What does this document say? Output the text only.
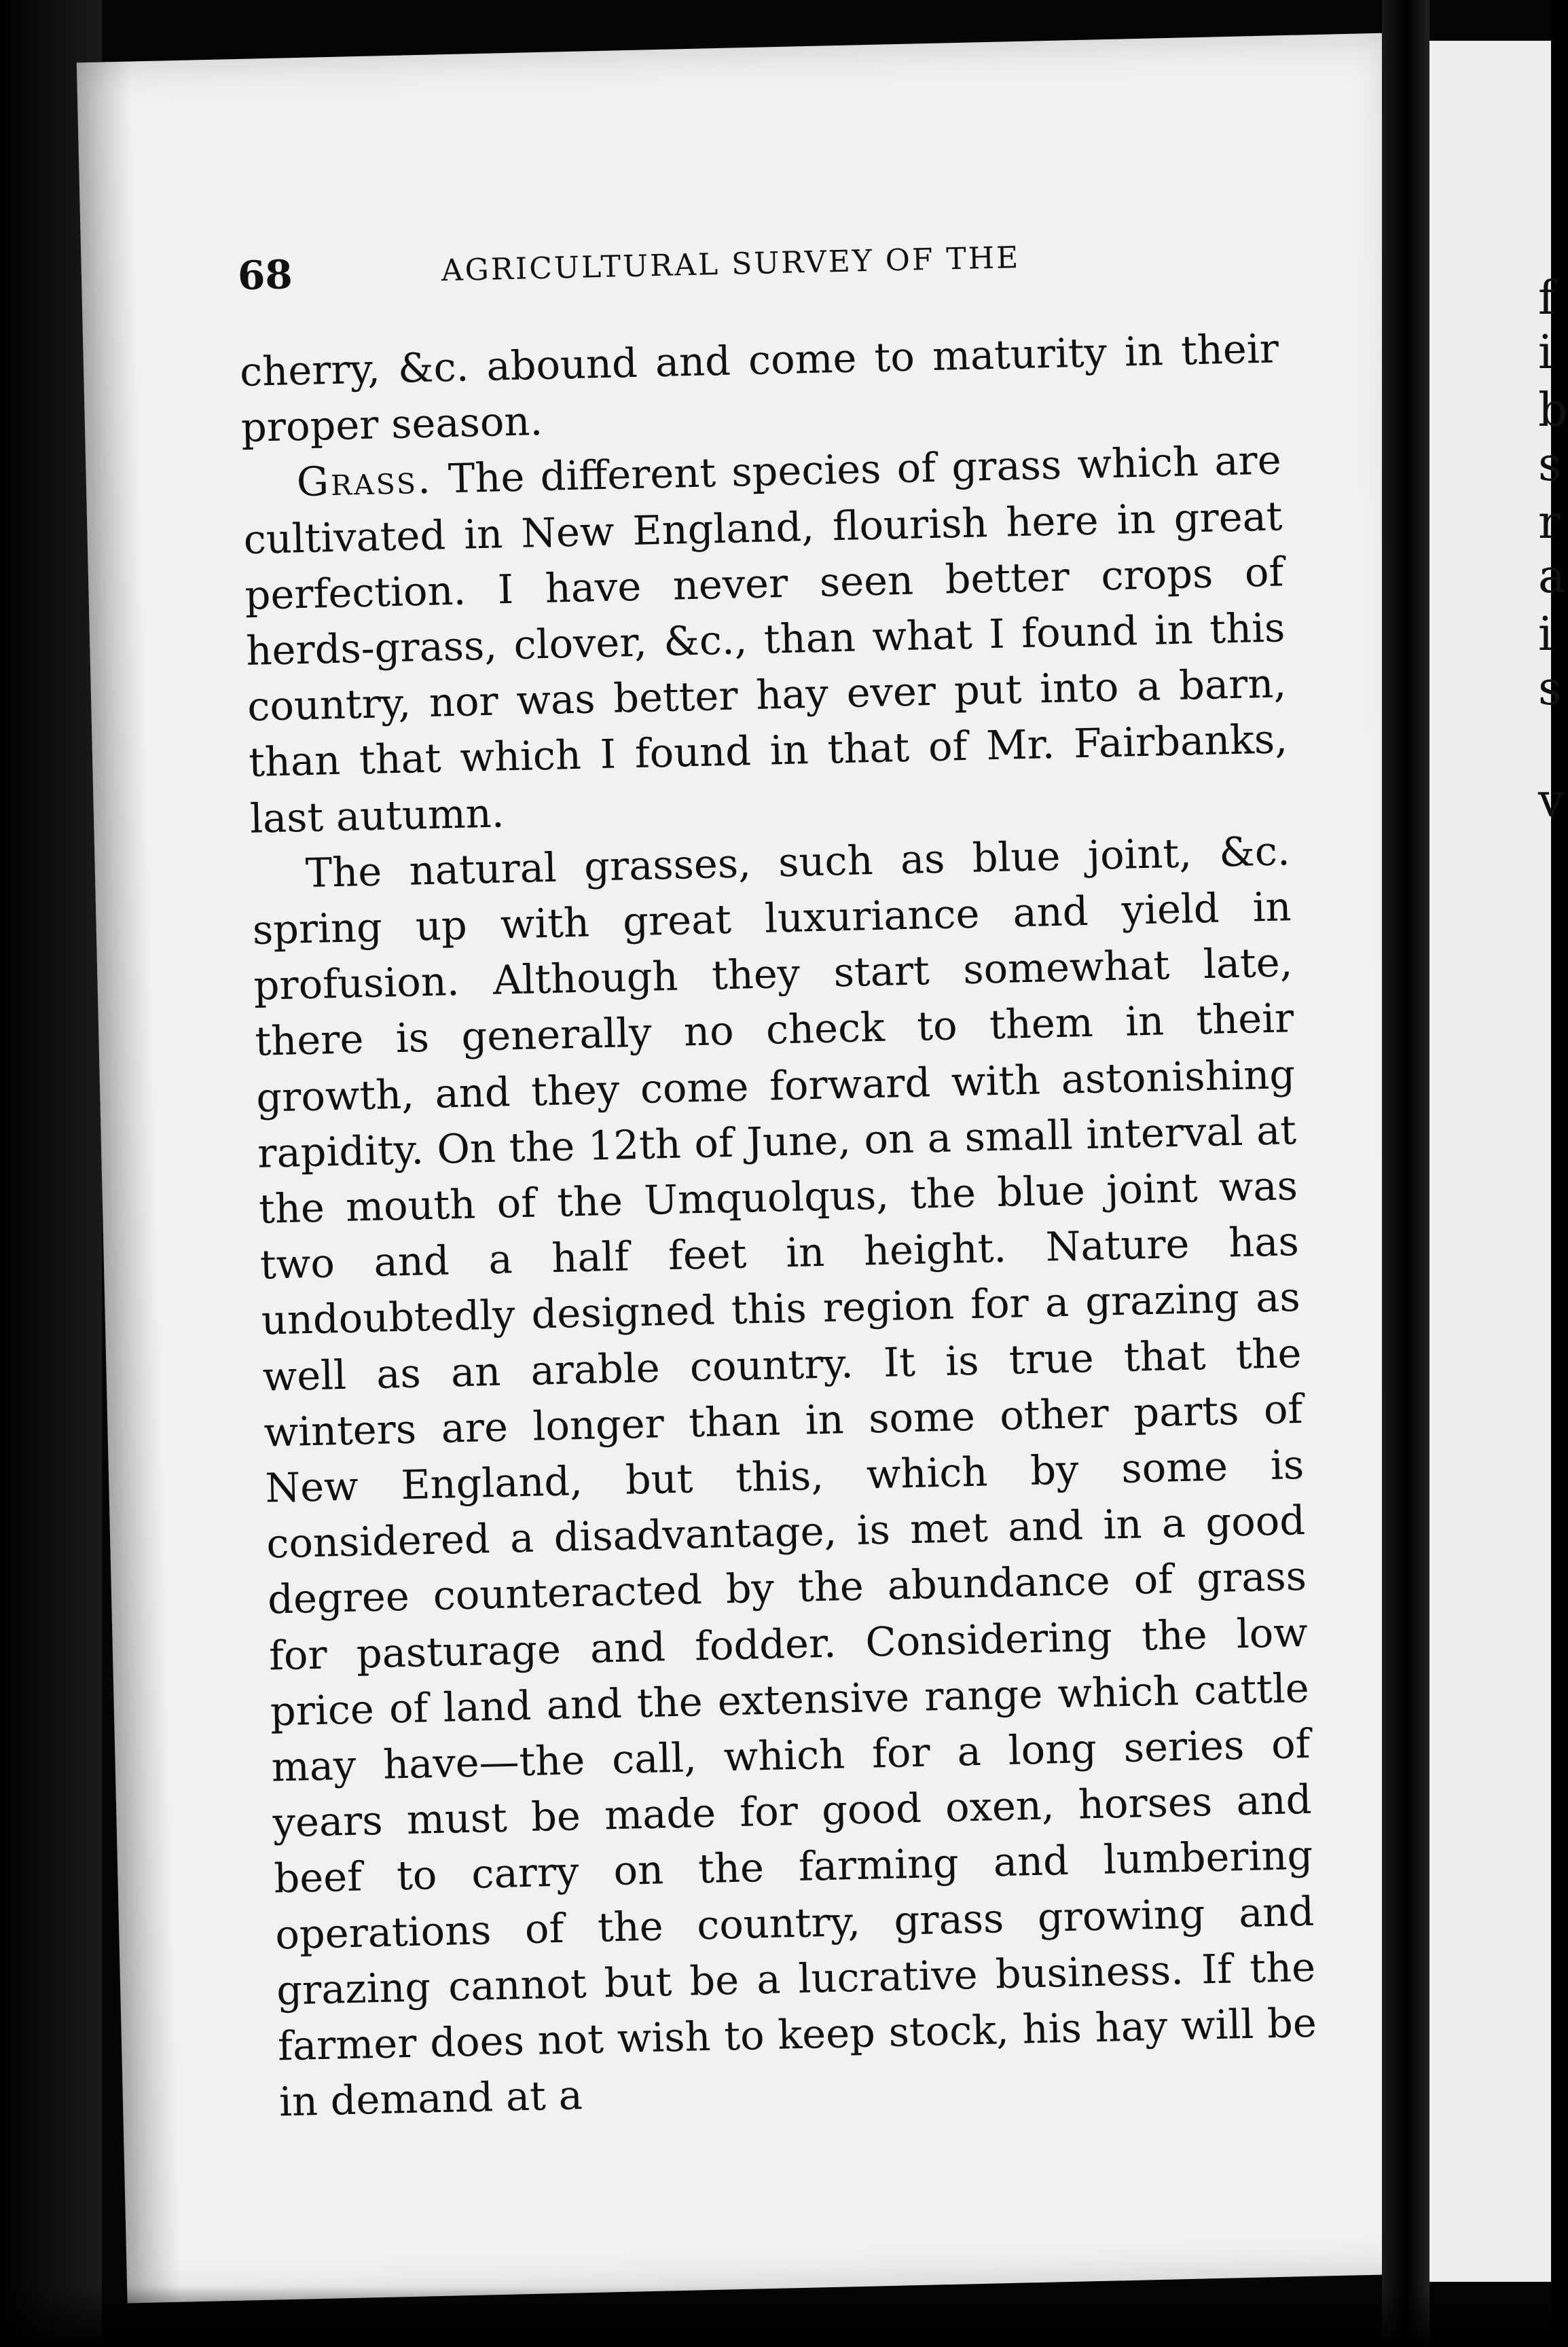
68	AGRICULTURAL SURVEY OF THE

cherry, &c. abound and come to maturity in their proper season.

Grass. The different species of grass which are cultivated in New England, flourish here in great perfection. I have never seen better crops of herds-grass, clover, &c., than what I found in this country, nor was better hay ever put into a barn, than that which I found in that of Mr. Fairbanks, last autumn.

The natural grasses, such as blue joint, &c. spring up with great luxuriance and yield in profusion. Although they start somewhat late, there is generally no check to them in their growth, and they come forward with astonishing rapidity. On the 12th of June, on a small interval at the mouth of the Umquolqus, the blue joint was two and a half feet in height. Nature has undoubtedly designed this region for a grazing as well as an arable country. It is true that the winters are longer than in some other parts of New England, but this, which by some is considered a disadvantage, is met and in a good degree counteracted by the abundance of grass for pasturage and fodder. Considering the low price of land and the extensive range which cattle may have—the call, which for a long series of years must be made for good oxen, horses and beef to carry on the farming and lumbering operations of the country, grass growing and grazing cannot but be a lucrative business. If the farmer does not wish to keep stock, his hay will be in demand at a

f
i
b
s
r
a
i
s
v
